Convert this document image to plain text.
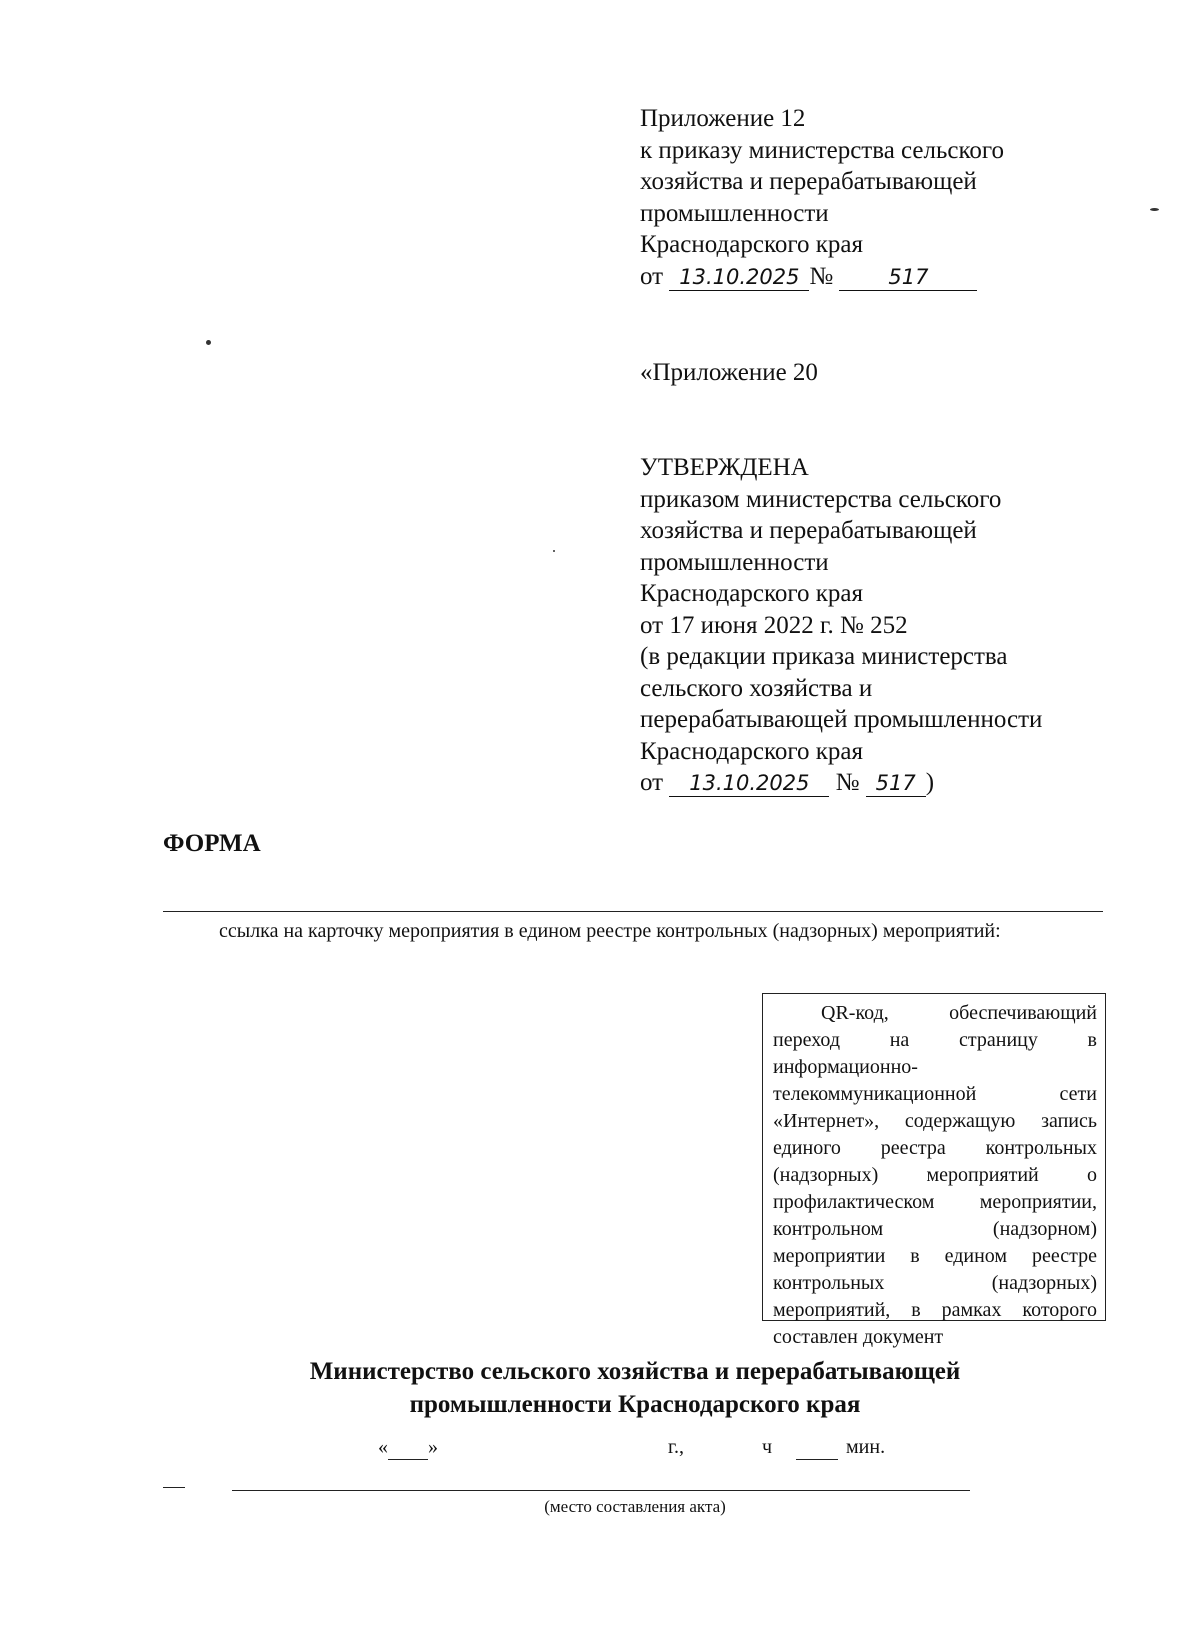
Приложение 12
к приказу министерства сельского
хозяйства и перерабатывающей
промышленности
Краснодарского края
от 13.10.2025 №	517
«Приложение 20
УТВЕРЖДЕНА
приказом министерства сельского
хозяйства и перерабатывающей
промышленности
Краснодарского края
от 17 июня 2022 г. № 252
(в редакции приказа министерства
сельского хозяйства и
перерабатывающей промышленности
Краснодарского края
от 13.10.2025 № 517 )
ФОРМА
ссылка на карточку мероприятия в едином реестре контрольных (надзорных) мероприятий:
QR-код, обеспечивающий переход на страницу в информационно-телекоммуникационной сети «Интернет», содержащую запись единого реестра контрольных (надзорных) мероприятий о профилактическом мероприятии, контрольном (надзорном) мероприятии в едином реестре контрольных (надзорных) мероприятий, в рамках которого составлен документ
Министерство сельского хозяйства и перерабатывающей
промышленности Краснодарского края
« »	г.,	ч
	мин.
(место составления акта)
